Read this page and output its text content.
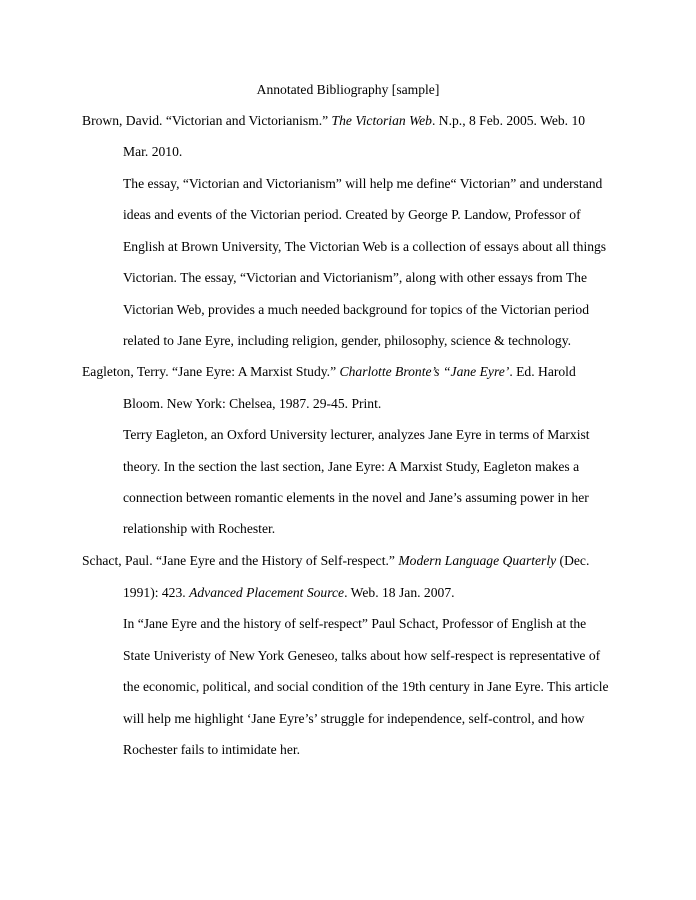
Annotated Bibliography [sample]
Brown, David. “Victorian and Victorianism.” The Victorian Web. N.p., 8 Feb. 2005. Web. 10
Mar. 2010.
The essay, “Victorian and Victorianism” will help me define“ Victorian” and understand
ideas and events of the Victorian period. Created by George P. Landow, Professor of
English at Brown University, The Victorian Web is a collection of essays about all things
Victorian. The essay, “Victorian and Victorianism”, along with other essays from The
Victorian Web, provides a much needed background for topics of the Victorian period
related to Jane Eyre, including religion, gender, philosophy, science & technology.
Eagleton, Terry. “Jane Eyre: A Marxist Study.” Charlotte Bronte’s “Jane Eyre’. Ed. Harold
Bloom. New York: Chelsea, 1987. 29-45. Print.
Terry Eagleton, an Oxford University lecturer, analyzes Jane Eyre in terms of Marxist
theory. In the section the last section, Jane Eyre: A Marxist Study, Eagleton makes a
connection between romantic elements in the novel and Jane’s assuming power in her
relationship with Rochester.
Schact, Paul. “Jane Eyre and the History of Self-respect.” Modern Language Quarterly (Dec.
1991): 423. Advanced Placement Source. Web. 18 Jan. 2007.
In “Jane Eyre and the history of self-respect” Paul Schact, Professor of English at the
State Univeristy of New York Geneseo, talks about how self-respect is representative of
the economic, political, and social condition of the 19th century in Jane Eyre. This article
will help me highlight ‘Jane Eyre’s’ struggle for independence, self-control, and how
Rochester fails to intimidate her.
